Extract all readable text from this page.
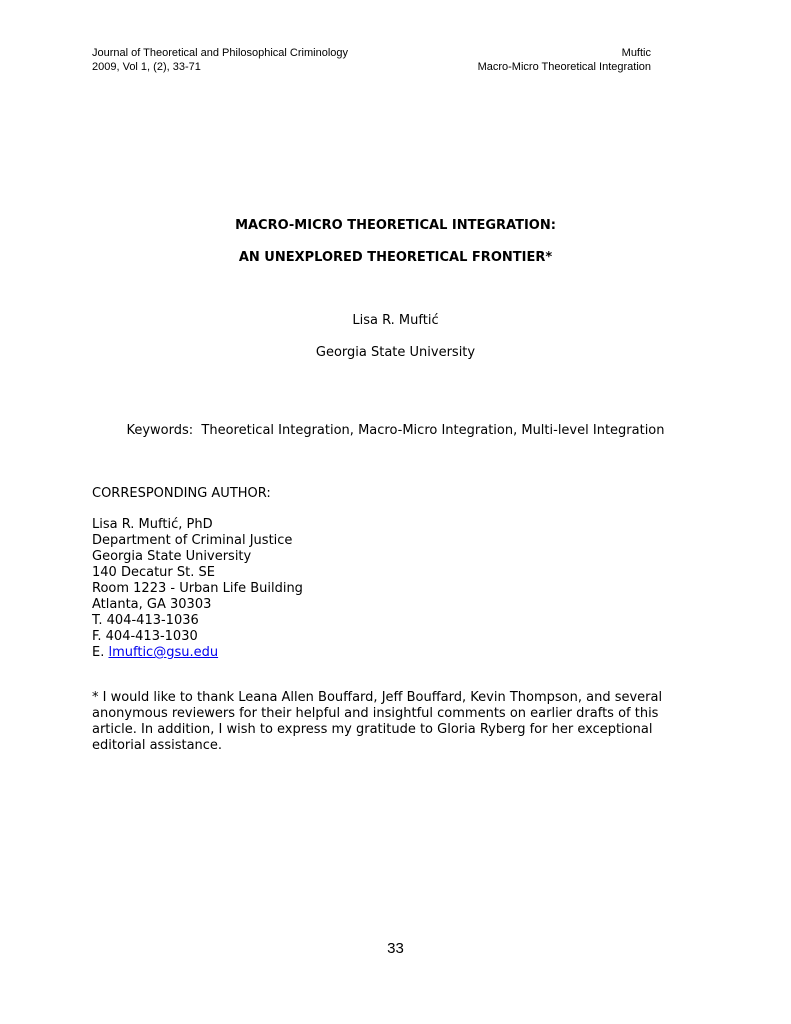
Journal of Theoretical and Philosophical Criminology
2009, Vol 1, (2), 33-71
Muftic
Macro-Micro Theoretical Integration
MACRO-MICRO THEORETICAL INTEGRATION:
AN UNEXPLORED THEORETICAL FRONTIER*
Lisa R. Muftić
Georgia State University
Keywords:  Theoretical Integration, Macro-Micro Integration, Multi-level Integration
CORRESPONDING AUTHOR:
Lisa R. Muftić, PhD
Department of Criminal Justice
Georgia State University
140 Decatur St. SE
Room 1223 - Urban Life Building
Atlanta, GA 30303
T. 404-413-1036
F. 404-413-1030
E. lmuftic@gsu.edu
* I would like to thank Leana Allen Bouffard, Jeff Bouffard, Kevin Thompson, and several anonymous reviewers for their helpful and insightful comments on earlier drafts of this article. In addition, I wish to express my gratitude to Gloria Ryberg for her exceptional editorial assistance.
33
